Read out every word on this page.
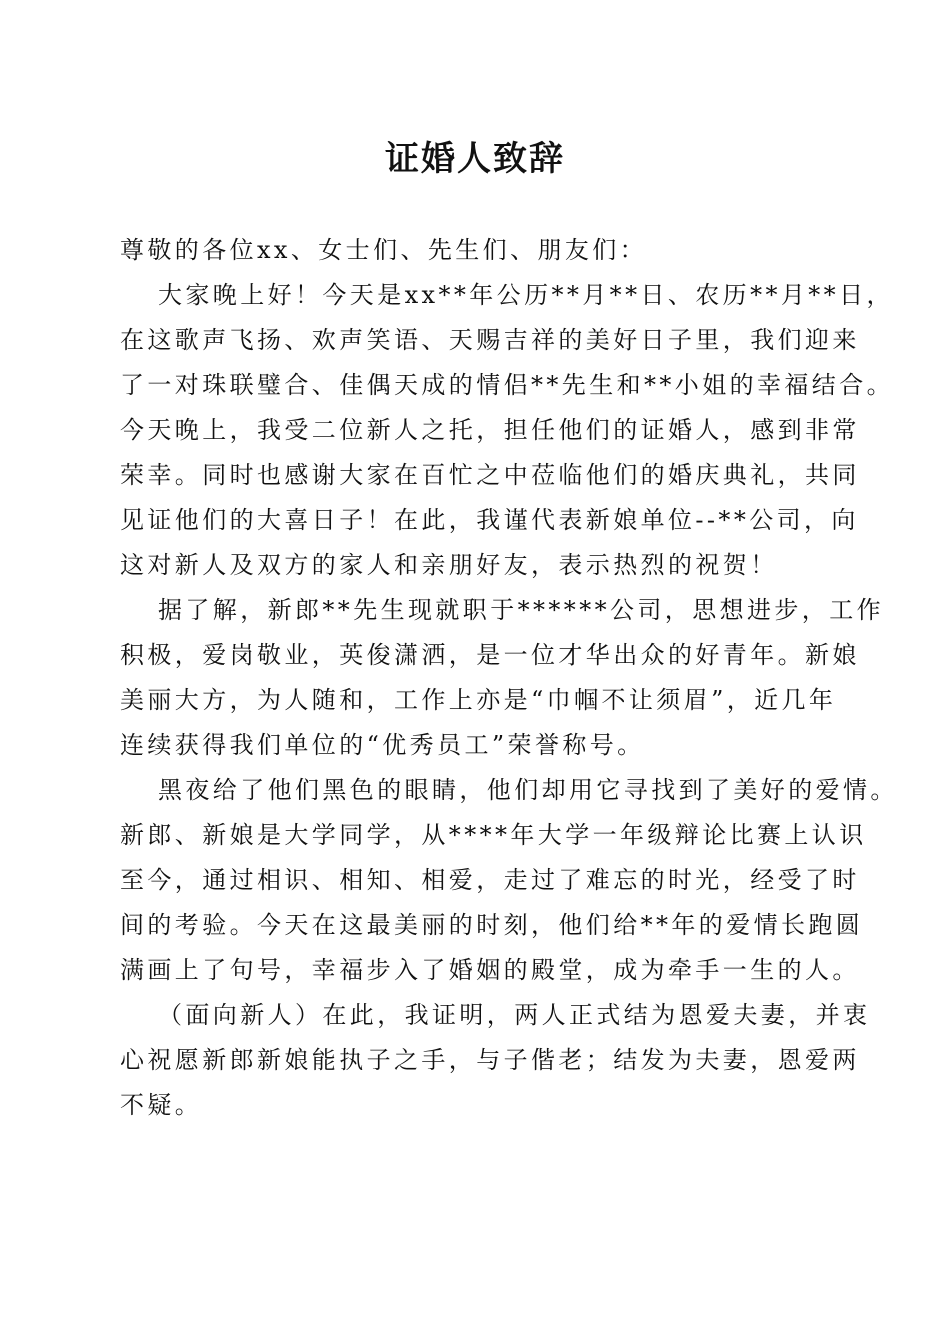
证婚人致辞

尊敬的各位xx、女士们、先生们、朋友们：

大家晚上好！今天是xx**年公历**月**日、农历**月**日，

在这歌声飞扬、欢声笑语、天赐吉祥的美好日子里，我们迎来

了一对珠联璧合、佳偶天成的情侣**先生和**小姐的幸福结合。

今天晚上，我受二位新人之托，担任他们的证婚人，感到非常

荣幸。同时也感谢大家在百忙之中莅临他们的婚庆典礼，共同

见证他们的大喜日子！在此，我谨代表新娘单位--**公司，向

这对新人及双方的家人和亲朋好友，表示热烈的祝贺！

据了解，新郎**先生现就职于******公司，思想进步，工作

积极，爱岗敬业，英俊潇洒，是一位才华出众的好青年。新娘

美丽大方，为人随和，工作上亦是“巾帼不让须眉”，近几年

连续获得我们单位的“优秀员工”荣誉称号。

黑夜给了他们黑色的眼睛，他们却用它寻找到了美好的爱情。

新郎、新娘是大学同学，从****年大学一年级辩论比赛上认识

至今，通过相识、相知、相爱，走过了难忘的时光，经受了时

间的考验。今天在这最美丽的时刻，他们给**年的爱情长跑圆

满画上了句号，幸福步入了婚姻的殿堂，成为牵手一生的人。

（面向新人）在此，我证明，两人正式结为恩爱夫妻，并衷

心祝愿新郎新娘能执子之手，与子偕老；结发为夫妻，恩爱两

不疑。
